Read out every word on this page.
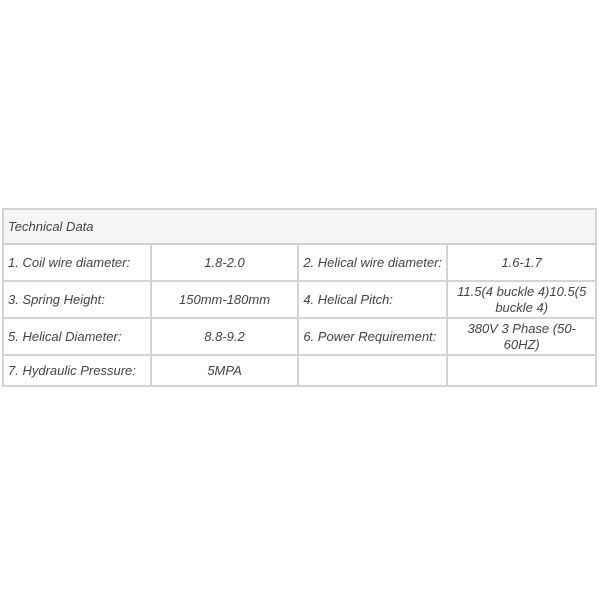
Technical Data			
1. Coil wire diameter:	1.8-2.0	2. Helical wire diameter:	1.6-1.7
3. Spring Height:	150mm-180mm	4. Helical Pitch:	11.5(4 buckle 4)10.5(5 buckle 4)
5. Helical Diameter:	8.8-9.2	6. Power Requirement:	380V 3 Phase (50-60HZ)
7. Hydraulic Pressure:	5MPA		
